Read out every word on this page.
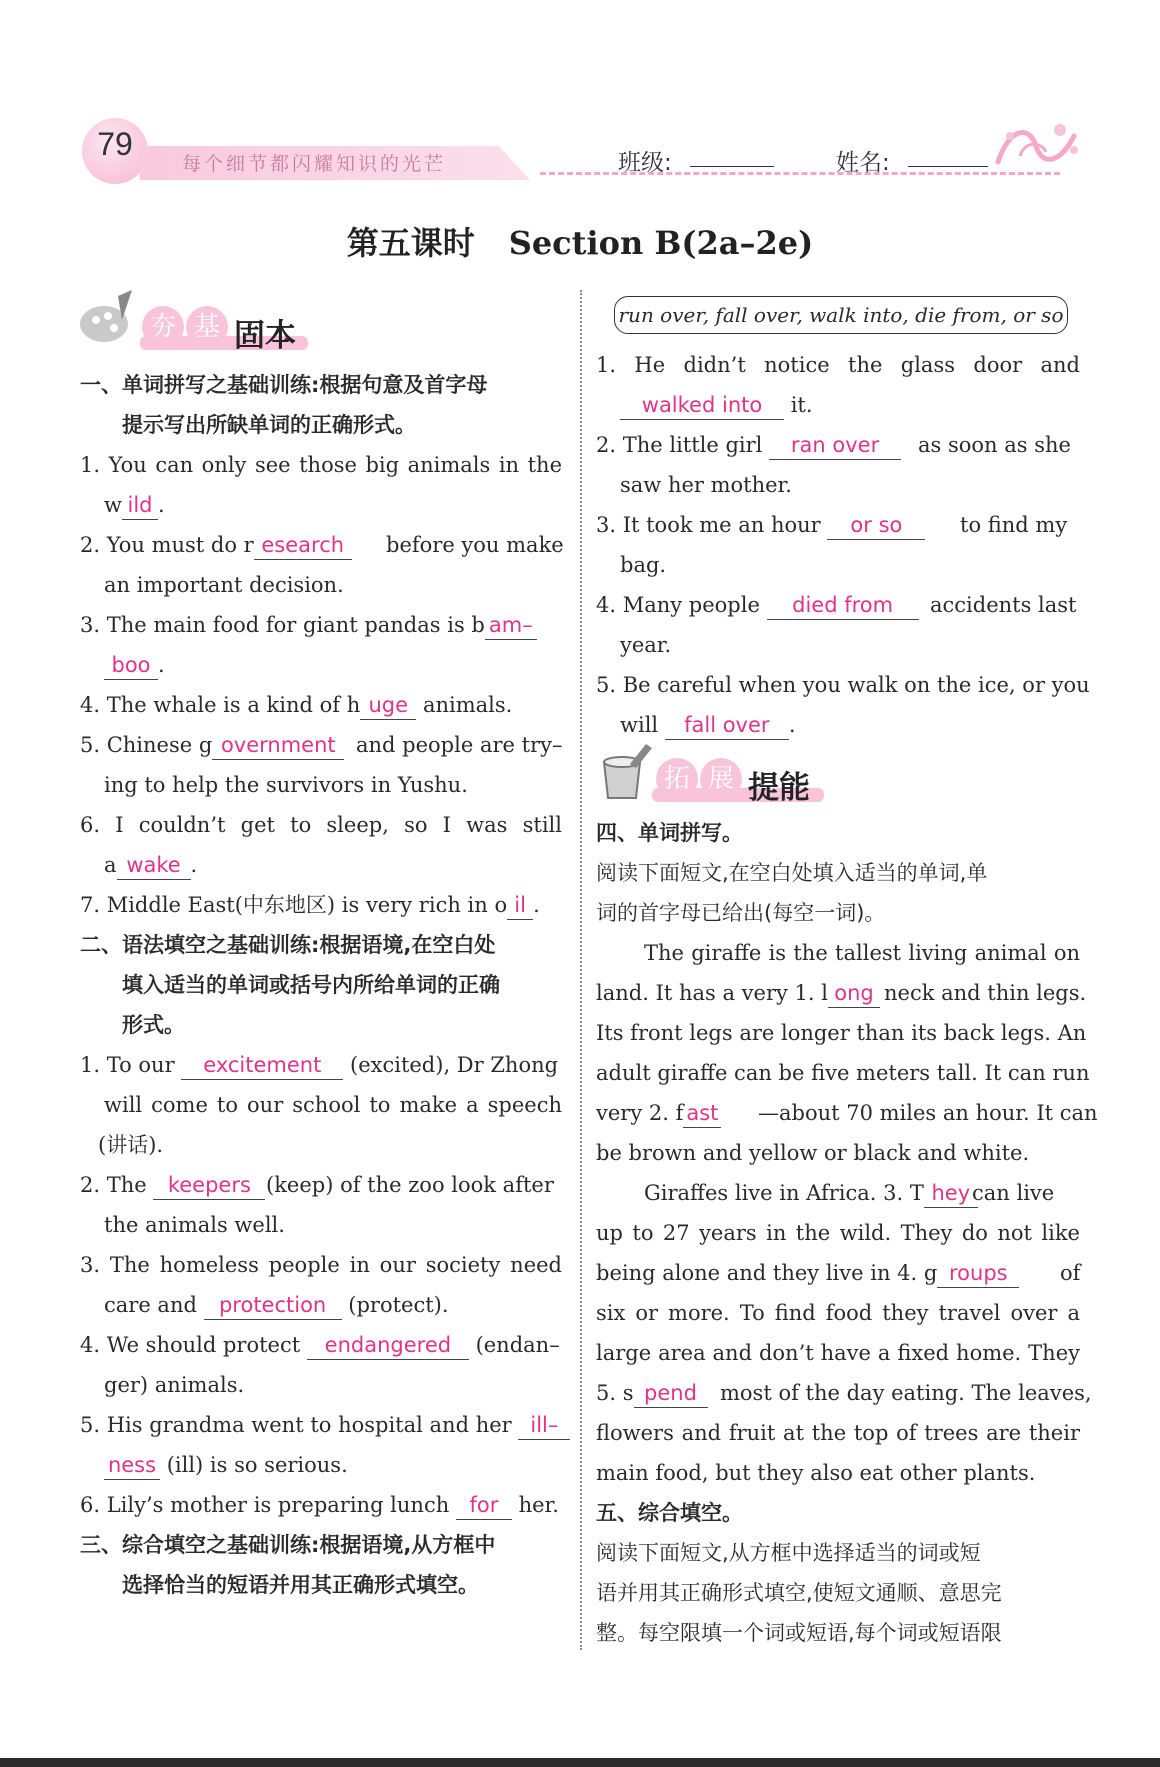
79
每个细节都闪耀知识的光芒	班级:	姓名:
第五课时 Section B(2a–2e)
夯 基 固本
一、单词拼写之基础训练:根据句意及首字母
提示写出所缺单词的正确形式。
1. You can only see those big animals in the
w ild .
2. You must do r esearch	before you make
an important decision.
3. The main food for giant pandas is b am–
boo .
4. The whale is a kind of h uge animals.
5. Chinese g overnment and people are try–
ing to help the survivors in Yushu.
6. I couldn’t get to sleep, so I was still
a wake .
7. Middle East(中东地区) is very rich in o il .
二、语法填空之基础训练:根据语境,在空白处
填入适当的单词或括号内所给单词的正确
形式。
1. To our excitement	(excited), Dr Zhong
will come to our school to make a speech
(讲话).
2. The keepers (keep) of the zoo look after
the animals well.
3. The homeless people in our society need
care and protection (protect).
4. We should protect endangered (endan–
ger) animals.
5. His grandma went to hospital and her ill–
ness (ill) is so serious.
6. Lily’s mother is preparing lunch for her.
三、综合填空之基础训练:根据语境,从方框中
选择恰当的短语并用其正确形式填空。
run over, fall over, walk into, die from, or so
1. He didn’t notice the glass door and
walked into it.
2. The little girl ran over	as soon as she
saw her mother.
3. It took me an hour or so	to find my
bag.
4. Many people died from	accidents last
year.
5. Be careful when you walk on the ice, or you
will fall over .
拓 展 提能
四、单词拼写。
阅读下面短文,在空白处填入适当的单词,单
词的首字母已给出(每空一词)。
The giraffe is the tallest living animal on
land. It has a very 1. l ong neck and thin legs.
Its front legs are longer than its back legs. An
adult giraffe can be five meters tall. It can run
very 2. f ast —about 70 miles an hour. It can
be brown and yellow or black and white.
Giraffes live in Africa. 3. T hey can live
up to 27 years in the wild. They do not like
being alone and they live in 4. g roups	of
six or more. To find food they travel over a
large area and don’t have a fixed home. They
5. s pend	most of the day eating. The leaves,
flowers and fruit at the top of trees are their
main food, but they also eat other plants.
五、综合填空。
阅读下面短文,从方框中选择适当的词或短
语并用其正确形式填空,使短文通顺、意思完
整。每空限填一个词或短语,每个词或短语限
